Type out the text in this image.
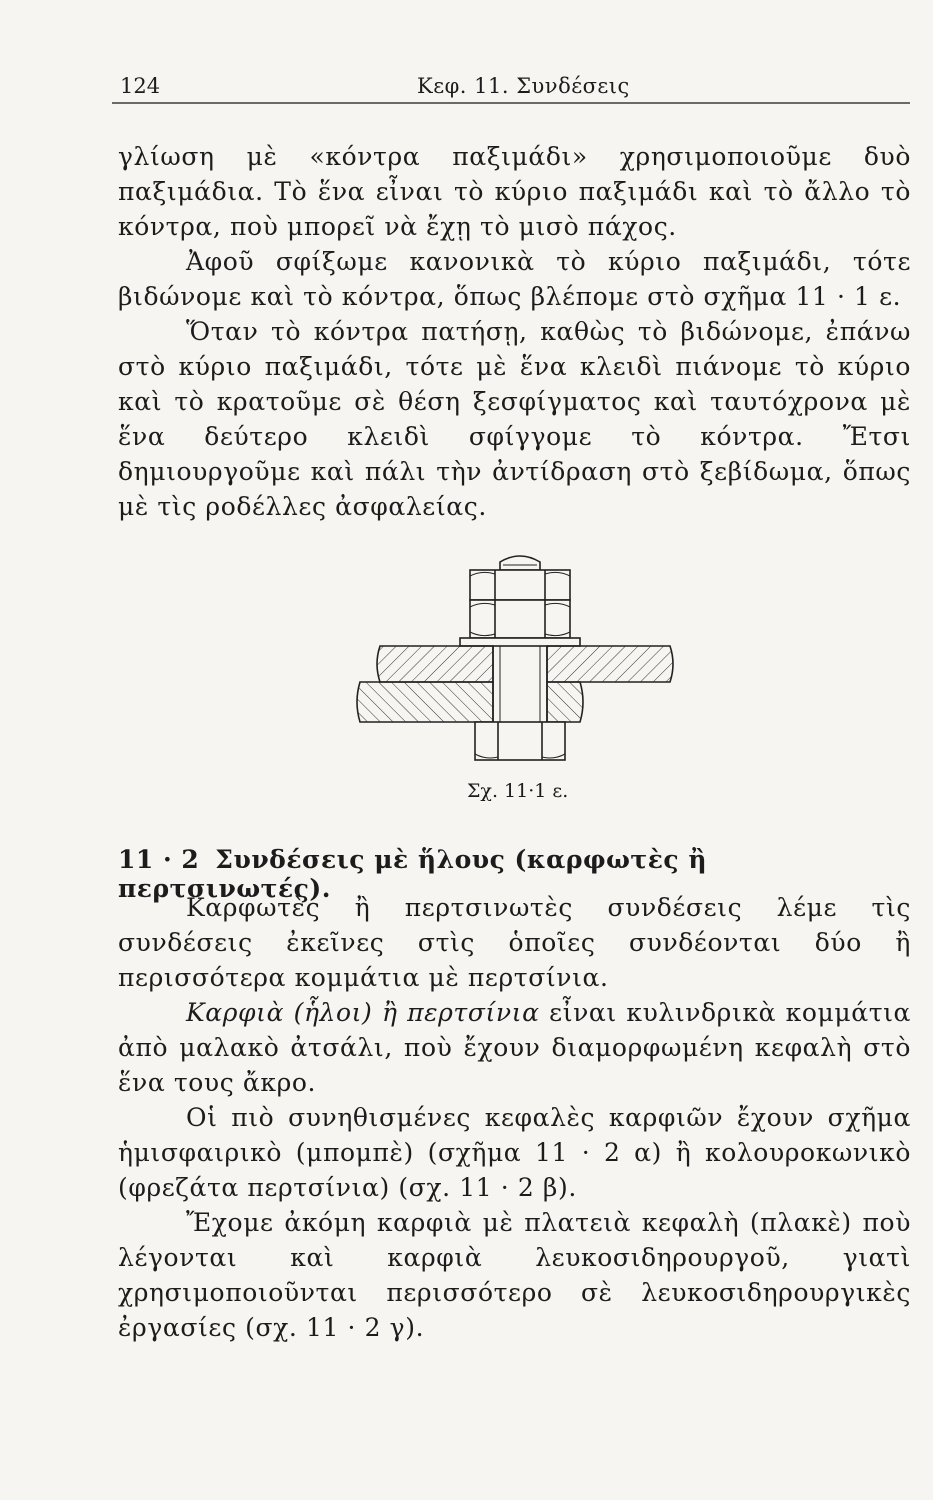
124	Κεφ. 11. Συνδέσεις

γλίωση μὲ «κόντρα παξιμάδι» χρησιμοποιοῦμε δυὸ παξιμάδια. Τὸ ἕνα εἶναι τὸ κύριο παξιμάδι καὶ τὸ ἄλλο τὸ κόντρα, ποὺ μπορεῖ νὰ ἔχῃ τὸ μισὸ πάχος.

Ἀφοῦ σφίξωμε κανονικὰ τὸ κύριο παξιμάδι, τότε βιδώνομε καὶ τὸ κόντρα, ὅπως βλέπομε στὸ σχῆμα 11 · 1 ε.

Ὅταν τὸ κόντρα πατήσῃ, καθὼς τὸ βιδώνομε, ἐπάνω στὸ κύριο παξιμάδι, τότε μὲ ἕνα κλειδὶ πιάνομε τὸ κύριο καὶ τὸ κρατοῦμε σὲ θέση ξεσφίγματος καὶ ταυτόχρονα μὲ ἕνα δεύτερο κλειδὶ σφίγγομε τὸ κόντρα. Ἔτσι δημιουργοῦμε καὶ πάλι τὴν ἀντίδραση στὸ ξεβίδωμα, ὅπως μὲ τὶς ροδέλλες ἀσφαλείας.

Σχ. 11·1 ε.
11 · 2 Συνδέσεις μὲ ἥλους (καρφωτὲς ἢ περτσινωτές).

Καρφωτὲς ἢ περτσινωτὲς συνδέσεις λέμε τὶς συνδέσεις ἐκεῖνες στὶς ὁποῖες συνδέονται δύο ἢ περισσότερα κομμάτια μὲ περτσίνια.

Καρφιὰ (ἧλοι) ἢ περτσίνια εἶναι κυλινδρικὰ κομμάτια ἀπὸ μαλακὸ ἀτσάλι, ποὺ ἔχουν διαμορφωμένη κεφαλὴ στὸ ἕνα τους ἄκρο.

Οἱ πιὸ συνηθισμένες κεφαλὲς καρφιῶν ἔχουν σχῆμα ἡμισφαιρικὸ (μπομπὲ) (σχῆμα 11 · 2 α) ἢ κολουροκωνικὸ (φρεζάτα περτσίνια) (σχ. 11 · 2 β).

Ἔχομε ἀκόμη καρφιὰ μὲ πλατειὰ κεφαλὴ (πλακὲ) ποὺ λέγονται καὶ καρφιὰ λευκοσιδηρουργοῦ, γιατὶ χρησιμοποιοῦνται περισσότερο σὲ λευκοσιδηρουργικὲς ἐργασίες (σχ. 11 · 2 γ).
